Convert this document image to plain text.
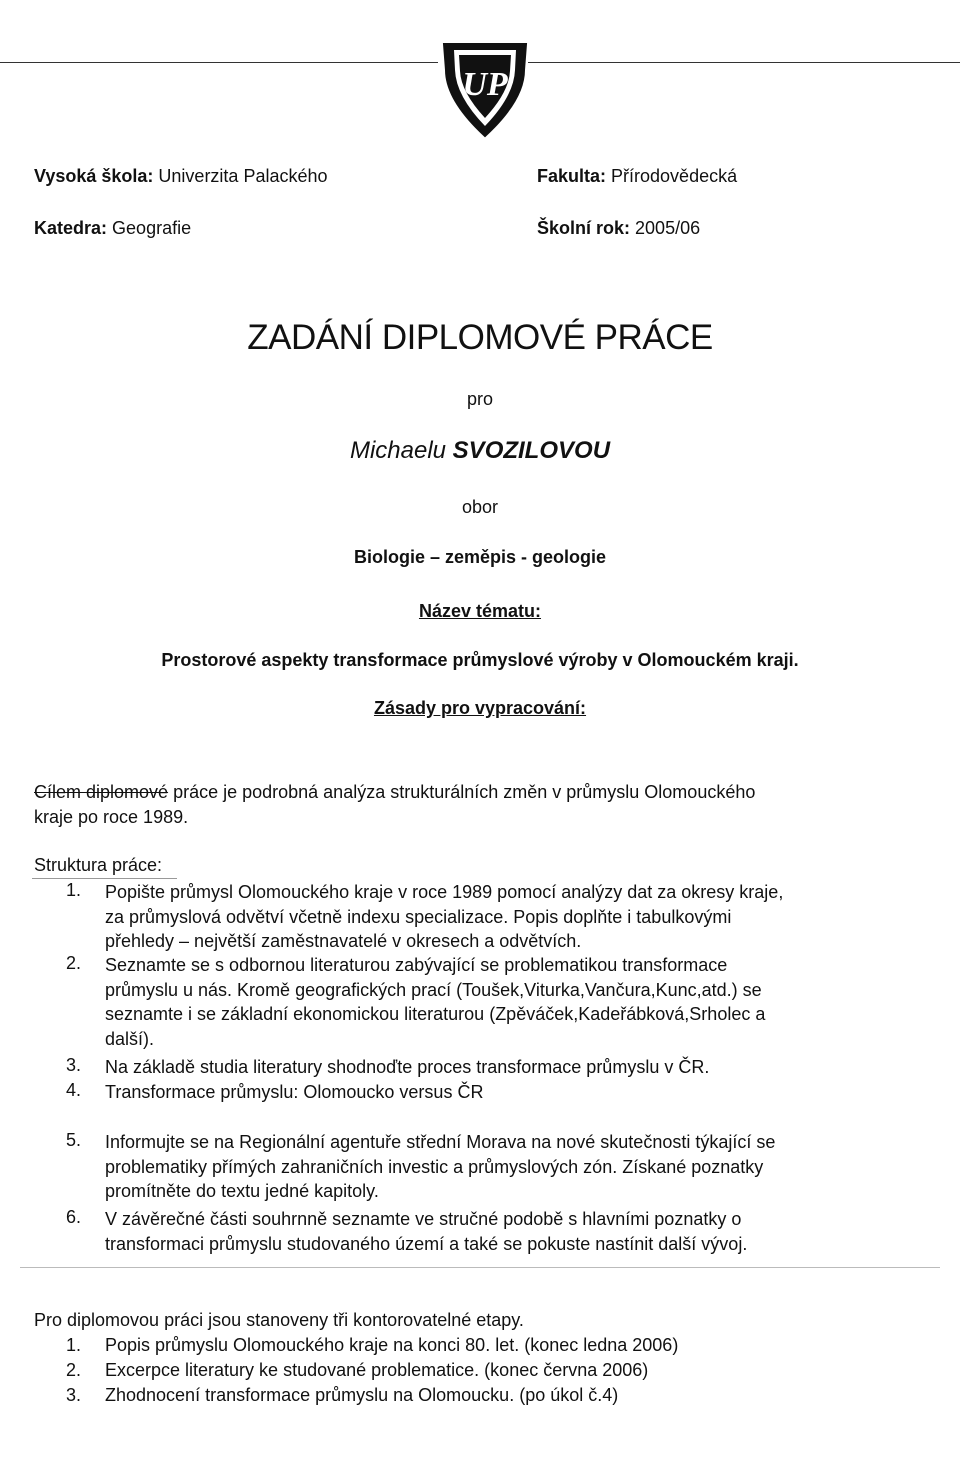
UP
Vysoká škola: Univerzita Palackého	Fakulta: Přírodovědecká
Katedra: Geografie	Školní rok: 2005/06
ZADÁNÍ DIPLOMOVÉ PRÁCE
pro
Michaelu SVOZILOVOU
obor
Biologie – zeměpis - geologie
Název tématu:
Prostorové aspekty transformace průmyslové výroby v Olomouckém kraji.
Zásady pro vypracování:
Cílem diplomové práce je podrobná analýza strukturálních změn v průmyslu Olomouckého
kraje po roce 1989.
Struktura práce:
1.	Popište průmysl Olomouckého kraje v roce 1989 pomocí analýzy dat za okresy kraje,
za průmyslová odvětví včetně indexu specializace. Popis doplňte i tabulkovými
přehledy – největší zaměstnavatelé v okresech a odvětvích.
2.	Seznamte se s odbornou literaturou zabývající se problematikou transformace
průmyslu u nás. Kromě geografických prací (Toušek,Viturka,Vančura,Kunc,atd.) se
seznamte i se základní ekonomickou literaturou (Zpěváček,Kadeřábková,Srholec a
další).
3.	Na základě studia literatury shodnoďte proces transformace průmyslu v ČR.
4.	Transformace průmyslu: Olomoucko versus ČR
5.	Informujte se na Regionální agentuře střední Morava na nové skutečnosti týkající se
problematiky přímých zahraničních investic a průmyslových zón. Získané poznatky
promítněte do textu jedné kapitoly.
6.	V závěrečné části souhrnně seznamte ve stručné podobě s hlavními poznatky o
transformaci průmyslu studovaného území a také se pokuste nastínit další vývoj.
Pro diplomovou práci jsou stanoveny tři kontorovatelné etapy.
1.	Popis průmyslu Olomouckého kraje na konci 80. let. (konec ledna 2006)
2.	Excerpce literatury ke studované problematice. (konec června 2006)
3.	Zhodnocení transformace průmyslu na Olomoucku. (po úkol č.4)
